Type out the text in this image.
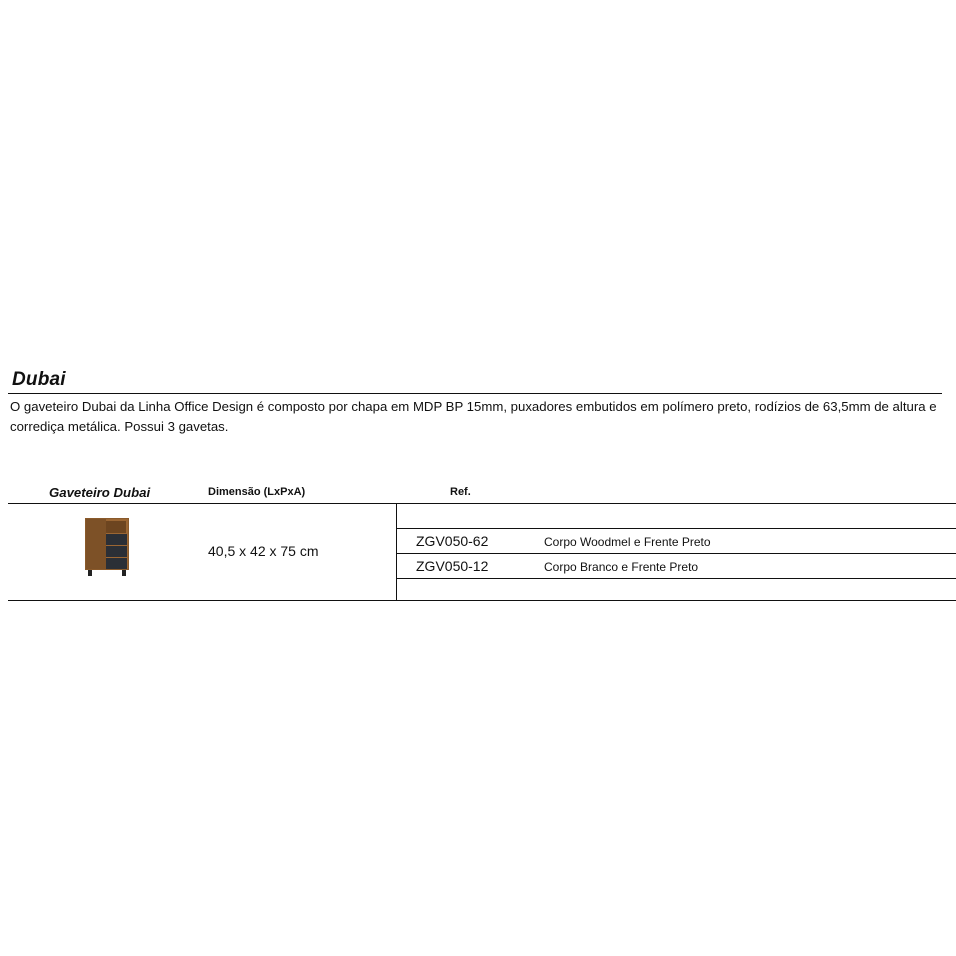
Dubai
O gaveteiro Dubai da Linha Office Design é composto por chapa em MDP BP 15mm, puxadores embutidos em polímero preto, rodízios de 63,5mm de altura e corrediça metálica. Possui 3 gavetas.
Gaveteiro Dubai	Dimensão (LxPxA)	Ref.
40,5 x 42 x 75 cm
ZGV050-62	Corpo Woodmel e Frente Preto
ZGV050-12	Corpo Branco e Frente Preto
